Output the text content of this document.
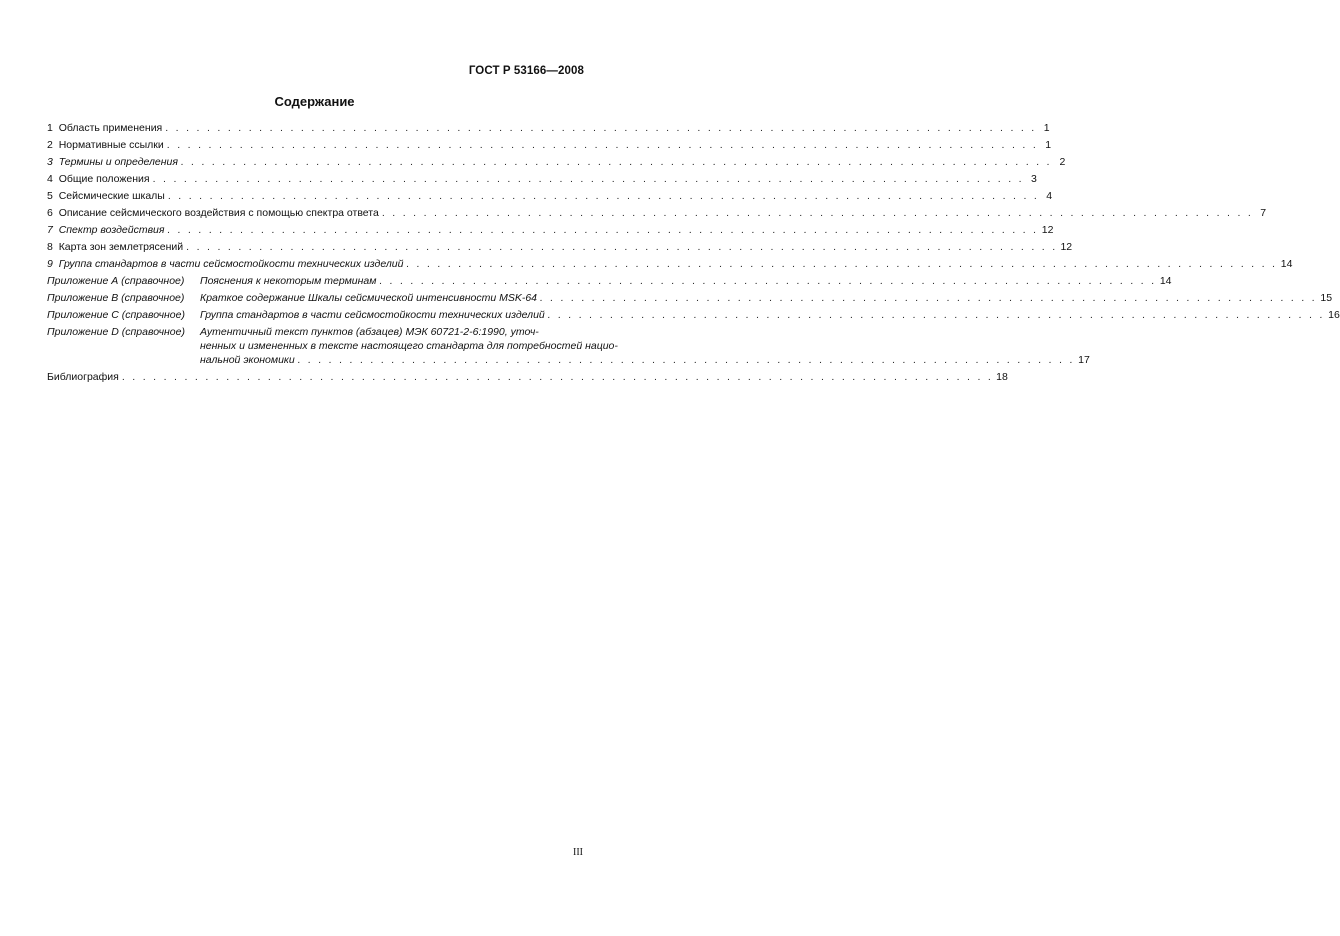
ГОСТ Р 53166—2008
Содержание
1 Область применения . . . . . . . . . . . . . . . . . . . . . . . . . . . . . . . . . . . . . . . . . . . . . . . . . . . . . . . . . . . . . . . . . . . . . . . . . . . . . . . . . . . . 1
2 Нормативные ссылки . . . . . . . . . . . . . . . . . . . . . . . . . . . . . . . . . . . . . . . . . . . . . . . . . . . . . . . . . . . . . . . . . . . . . . . . . . . . . . . . . . . . 1
3 Термины и определения . . . . . . . . . . . . . . . . . . . . . . . . . . . . . . . . . . . . . . . . . . . . . . . . . . . . . . . . . . . . . . . . . . . . . . . . . . . . . . . . . . . . 2
4 Общие положения . . . . . . . . . . . . . . . . . . . . . . . . . . . . . . . . . . . . . . . . . . . . . . . . . . . . . . . . . . . . . . . . . . . . . . . . . . . . . . . . . . . . 3
5 Сейсмические шкалы . . . . . . . . . . . . . . . . . . . . . . . . . . . . . . . . . . . . . . . . . . . . . . . . . . . . . . . . . . . . . . . . . . . . . . . . . . . . . . . . . . . . 4
6 Описание сейсмического воздействия с помощью спектра ответа . . . . . . . . . . . . . . . . . . . . . . . . . . . . . . . . . . . . . . . . . . . . . . . . . . . . . . . . . . . . . . . . . . . . . . . . . . . . . . . . . . . . 7
7 Спектр воздействия . . . . . . . . . . . . . . . . . . . . . . . . . . . . . . . . . . . . . . . . . . . . . . . . . . . . . . . . . . . . . . . . . . . . . . . . . . . . . . . . . . . . 12
8 Карта зон землетрясений . . . . . . . . . . . . . . . . . . . . . . . . . . . . . . . . . . . . . . . . . . . . . . . . . . . . . . . . . . . . . . . . . . . . . . . . . . . . . . . . . . . . 12
9 Группа стандартов в части сейсмостойкости технических изделий . . . . . . . . . . . . . . . . . . . . . . . . . . . . . . . . . . . . . . . . . . . . . . . . . . . . . . . . . . . . . . . . . . . . . . . . . . . . . . . . . . . . 14
Приложение А (справочное) Пояснения к некоторым терминам . . . . . . . . . . . . . . . . . . . . . . . . . . . . . . . . . . . . . . . . . . . . . . . . . . . . . . . . . . . . . . . . . . . . . . . . . . . 14
Приложение В (справочное) Краткое содержание Шкалы сейсмической интенсивности MSK-64 . . . . . . . . . . . . . . . . . . . . . . . . . . . . . . . . . . . . . . . . . . . . . . . . . . . . . . . . . . . . . . . . . . . . . . . . . . . 15
Приложение С (справочное) Группа стандартов в части сейсмостойкости технических изделий . . . . . . . . . . . . . . . . . . . . . . . . . . . . . . . . . . . . . . . . . . . . . . . . . . . . . . . . . . . . . . . . . . . . . . . . . . . 16
Приложение D (справочное) Аутентичный текст пунктов (абзацев) МЭК 60721-2-6:1990, уточ-
ненных и измененных в тексте настоящего стандарта для потребностей нацио-
нальной экономики . . . . . . . . . . . . . . . . . . . . . . . . . . . . . . . . . . . . . . . . . . . . . . . . . . . . . . . . . . . . . . . . . . . . . . . . . . . 17
Библиография . . . . . . . . . . . . . . . . . . . . . . . . . . . . . . . . . . . . . . . . . . . . . . . . . . . . . . . . . . . . . . . . . . . . . . . . . . . . . . . . . . . . 18
III
